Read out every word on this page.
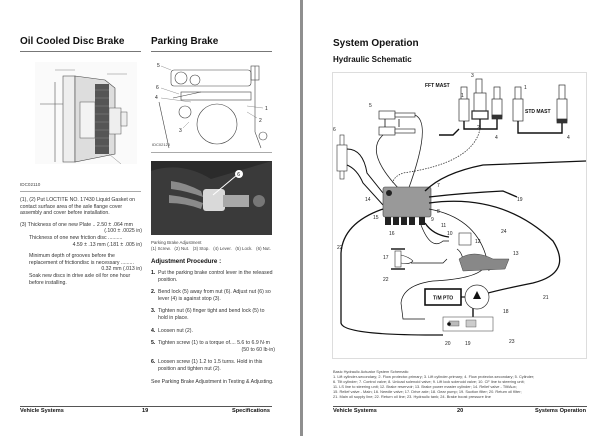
Oil Cooled Disc Brake	Parking Brake
IDC02110

(1), (2) Put LOCTITE NO. 17430 Liquid Gasket on contact surface area of the axle flange cover assembly and cover before installation.

(3) Thickness of one new Plate .. 2.50 ± .064 mm

(.100 ± .0025 in)

Thickness of one new friction disc ..........

4.59 ± .13 mm (.181 ± .005 in)

Minimum depth of grooves before the replacement of frictiondisc is necessary .........

0.32 mm (.013 in)

Soak new discs in drive axle oil for one hour before installing.

5
6
4
1
2
3
IDC02120
6
Parking Brake Adjustment
(1) Screw.   (2) Nut.   (3) Stop.   (4) Lever.   (5) Lock.   (6) Nut.
Adjustment Procedure :
1. Put the parking brake control lever in the released position.
2. Bend lock (5) away from nut (6). Adjust nut (6) so lever (4) is against stop (3).
3. Tighten nut (6) finger tight and bend lock (5) to hold in place.
4. Loosen nut (2).
5. Tighten screw (1) to a torque of.... 5.6 to 6.9 N·m
(50 to 60 lb·in)
6. Loosen screw (1) 1.2 to 1.5 turns. Hold in this position and tighten nut (2).
See Parking Brake Adjustment in Testing & Adjusting.
Vehicle Systems	19	Specifications
System Operation
Hydraulic Schematic
FFT MAST
STD MAST
T/M PTO
1
3
2
4
1
4
5
6
7
8
9
10
11
12
13
14
15
16
17
18
19
20
21
22
22
23
24
19
Basic Hydraulic Actuator System Schematic
1. Lift cylinder-secondary; 2. Flow protector-primary; 3. Lift cylinder-primary; 4. Flow protector-secondary; 5. Cylinder;
6. Tilt cylinder; 7. Control valve; 8. Unload solenoid valve; 9. Lift lock solenoid valve; 10. CF line to steering unit;
11. LS line to steering unit; 12. Brake reservoir; 13. Brake power master cylinder; 14. Relief valve - Tilt/Aux;
15. Relief valve - Main; 16. Needle valve; 17. Drive axle; 18. Gear pump; 19. Suction filter; 20. Return oil filter;
21. Main oil supply line; 22. Return oil line; 23. Hydraulic tank; 24. Brake boost pressure line
Vehicle Systems	20	Systems Operation
